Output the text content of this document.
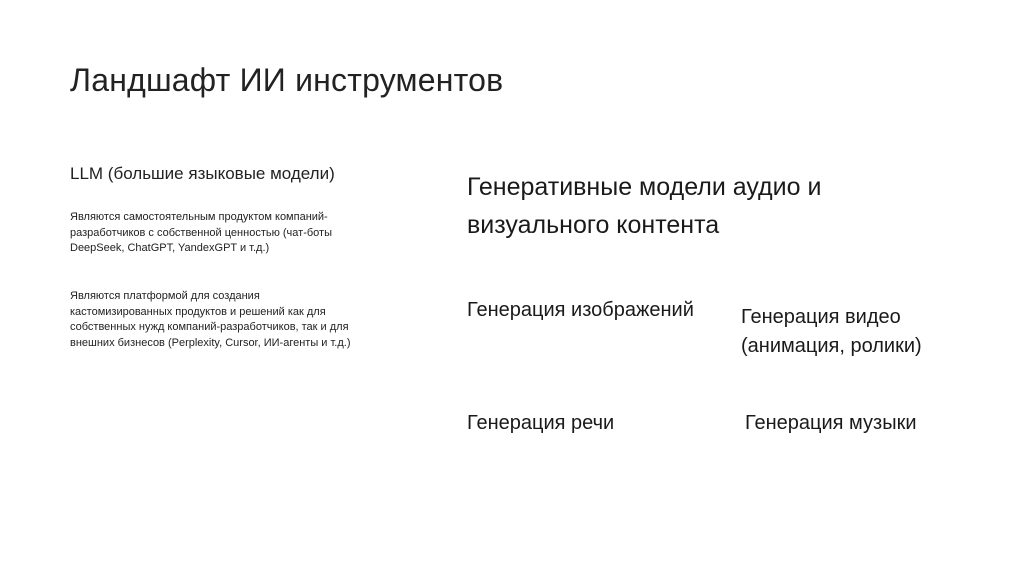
Ландшафт ИИ инструментов
LLM (большие языковые модели)
Являются самостоятельным продуктом компаний-разработчиков с собственной ценностью (чат-боты DeepSeek, ChatGPT, YandexGPT и т.д.)
Являются платформой для создания кастомизированных продуктов и решений как для собственных нужд компаний-разработчиков, так и для внешних бизнесов (Perplexity, Cursor, ИИ-агенты и т.д.)
Генеративные модели аудио и визуального контента
Генерация изображений Генерация видео (анимация, ролики)
Генерация речи	Генерация музыки
